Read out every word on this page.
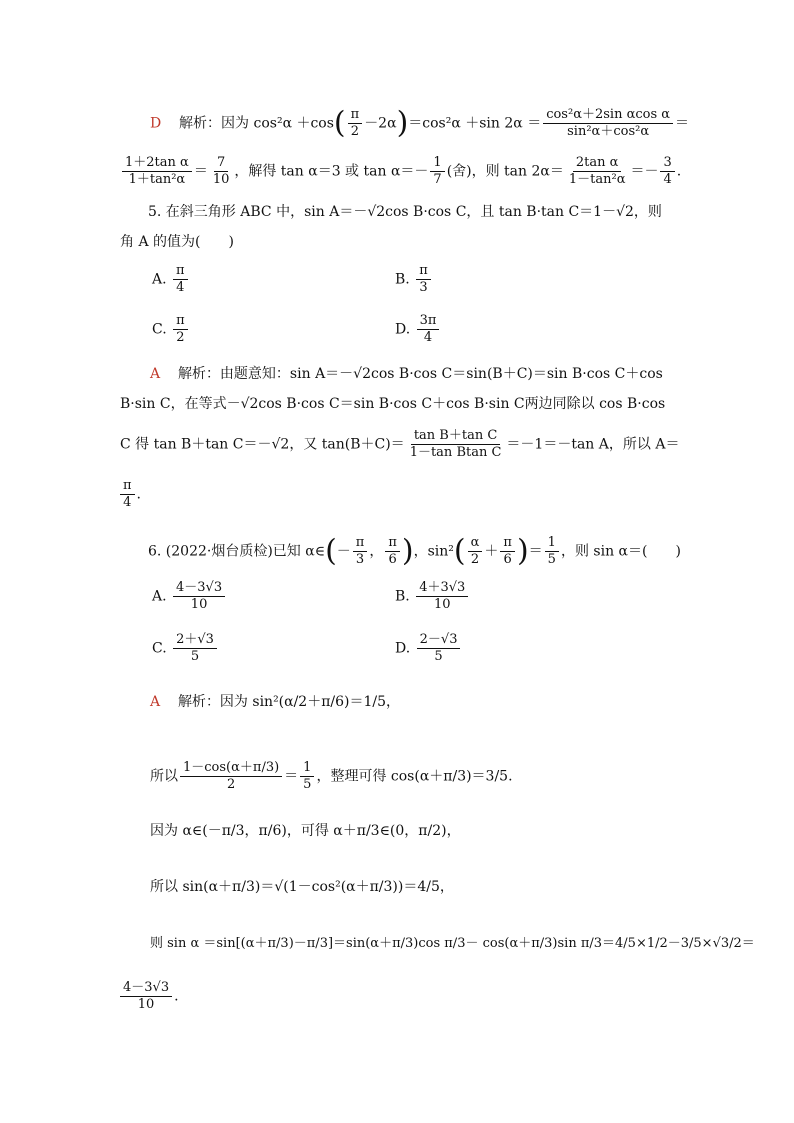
D 解析：因为 $\cos^2\alpha +\cos( \frac{\pi}{2} -2\alpha)=\cos^2\alpha +\sin$ $2\alpha = \frac{\text{cos²α＋2sin αcos α}}{\text{sin²α＋cos²α}}$ ＝
$\frac{\text{1＋2tan α}}{\text{1＋tan²α}} = \frac{7}{10}$ ，解得 tan α＝3 或 $\tan \alpha=- \frac{1}{7}$ (舍)，则 $\tan 2\alpha= \frac{\text{2tan α}}{\text{1－tan²α}} =- \frac{3}{4}$ .
5. 在斜三角形 ABC 中，sin A＝－√2cos B·cos C，且 tan B·tan C＝1－√2，则
角 A 的值为(　　)
A. $\frac{\pi}{4}$	B. $\frac{\pi}{3}$
C. $\frac{\pi}{2}$	D. $\frac{3\pi}{4}$
A 解析：由题意知：sin A＝－√2cos B·cos C＝sin(B＋C)＝sin B·cos C＋cos
B·sin C，在等式－√2cos B·cos C＝sin B·cos C＋cos B·sin C两边同除以 cos B·cos
C 得 tan B＋tan C＝－√2，又 $\tan(B+C)= \frac{\text{tan B＋tan C}}{\text{1－tan Btan C}} =-1=-\tan$ A，所以 A＝
$\frac{\pi}{4}$ .
6. (2022·烟台质检)已知 α∈(－ $\frac{\pi}{3}$ ， $\frac{\pi}{6}$ )，$\sin^2( \frac{\alpha}{2} + \frac{\pi}{6}$ )＝ $\frac{1}{5}$ ，则 sin α＝(　　)
A. $\frac{4-3√3}{10}$	B. $\frac{4+3√3}{10}$
C. $\frac{2+√3}{5}$	D. $\frac{2-√3}{5}$
A 解析：因为 sin²(α/2＋π/6)＝1/5，
所以 $\frac{1-\cos(\alpha+\pi/3)}{2} = \frac{1}{5}$ ，整理可得 cos(α＋π/3)＝3/5.
因为 α∈(－π/3，π/6)，可得 α＋π/3∈(0，π/2)，
所以 sin(α＋π/3)＝√(1－cos²(α＋π/3))＝4/5，
则 sin α ＝sin[(α＋π/3)－π/3]＝sin(α＋π/3)cos π/3－ cos(α＋π/3)sin π/3＝4/5×1/2－3/5×√3/2＝
$\frac{4-3√3}{10}$ .
